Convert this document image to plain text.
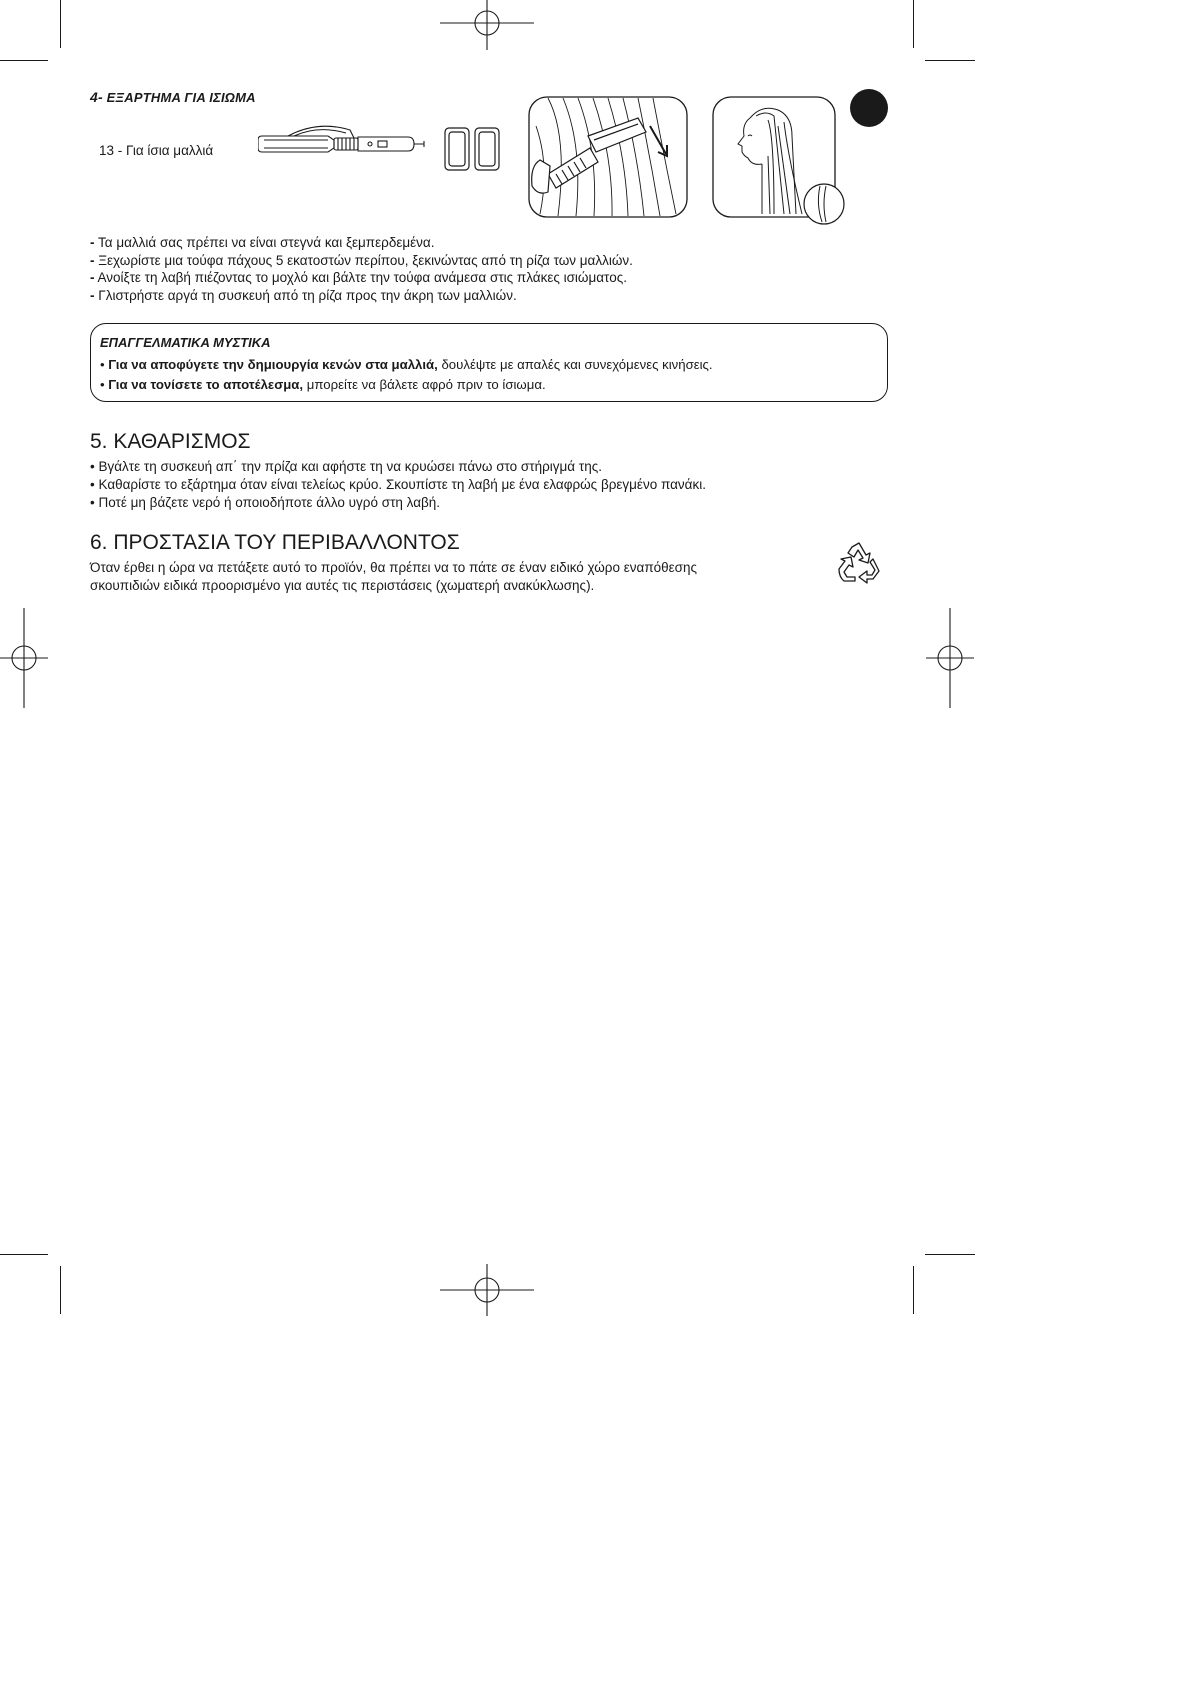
4- ΕΞΑΡΤΗΜΑ ΓΙΑ ΙΣΙΩΜΑ
13 - Για ίσια μαλλιά
- Τα μαλλιά σας πρέπει να είναι στεγνά και ξεμπερδεμένα.
- Ξεχωρίστε μια τούφα πάχους 5 εκατοστών περίπου, ξεκινώντας από τη ρίζα των μαλλιών.
- Ανοίξτε τη λαβή πιέζοντας το μοχλό και βάλτε την τούφα ανάμεσα στις πλάκες ισιώματος.
- Γλιστρήστε αργά τη συσκευή από τη ρίζα προς την άκρη των μαλλιών.
ΕΠΑΓΓΕΛΜΑΤΙΚΑ ΜΥΣΤΙΚΑ
• Για να αποφύγετε την δημιουργία κενών στα μαλλιά, δουλέψτε με απαλές και συνεχόμενες κινήσεις.
• Για να τονίσετε το αποτέλεσμα, μπορείτε να βάλετε αφρό πριν το ίσιωμα.
5. ΚΑΘΑΡΙΣΜΟΣ
• Βγάλτε τη συσκευή απ΄ την πρίζα και αφήστε τη να κρυώσει πάνω στο στήριγμά της.
• Καθαρίστε το εξάρτημα όταν είναι τελείως κρύο. Σκουπίστε τη λαβή με ένα ελαφρώς βρεγμένο πανάκι.
• Ποτέ μη βάζετε νερό ή οποιοδήποτε άλλο υγρό στη λαβή.
6. ΠΡΟΣΤΑΣΙΑ ΤΟΥ ΠΕΡΙΒΑΛΛΟΝΤΟΣ
Όταν έρθει η ώρα να πετάξετε αυτό το προϊόν, θα πρέπει να το πάτε σε έναν ειδικό χώρο εναπόθεσης
σκουπιδιών ειδικά προορισμένο για αυτές τις περιστάσεις (χωματερή ανακύκλωσης).
